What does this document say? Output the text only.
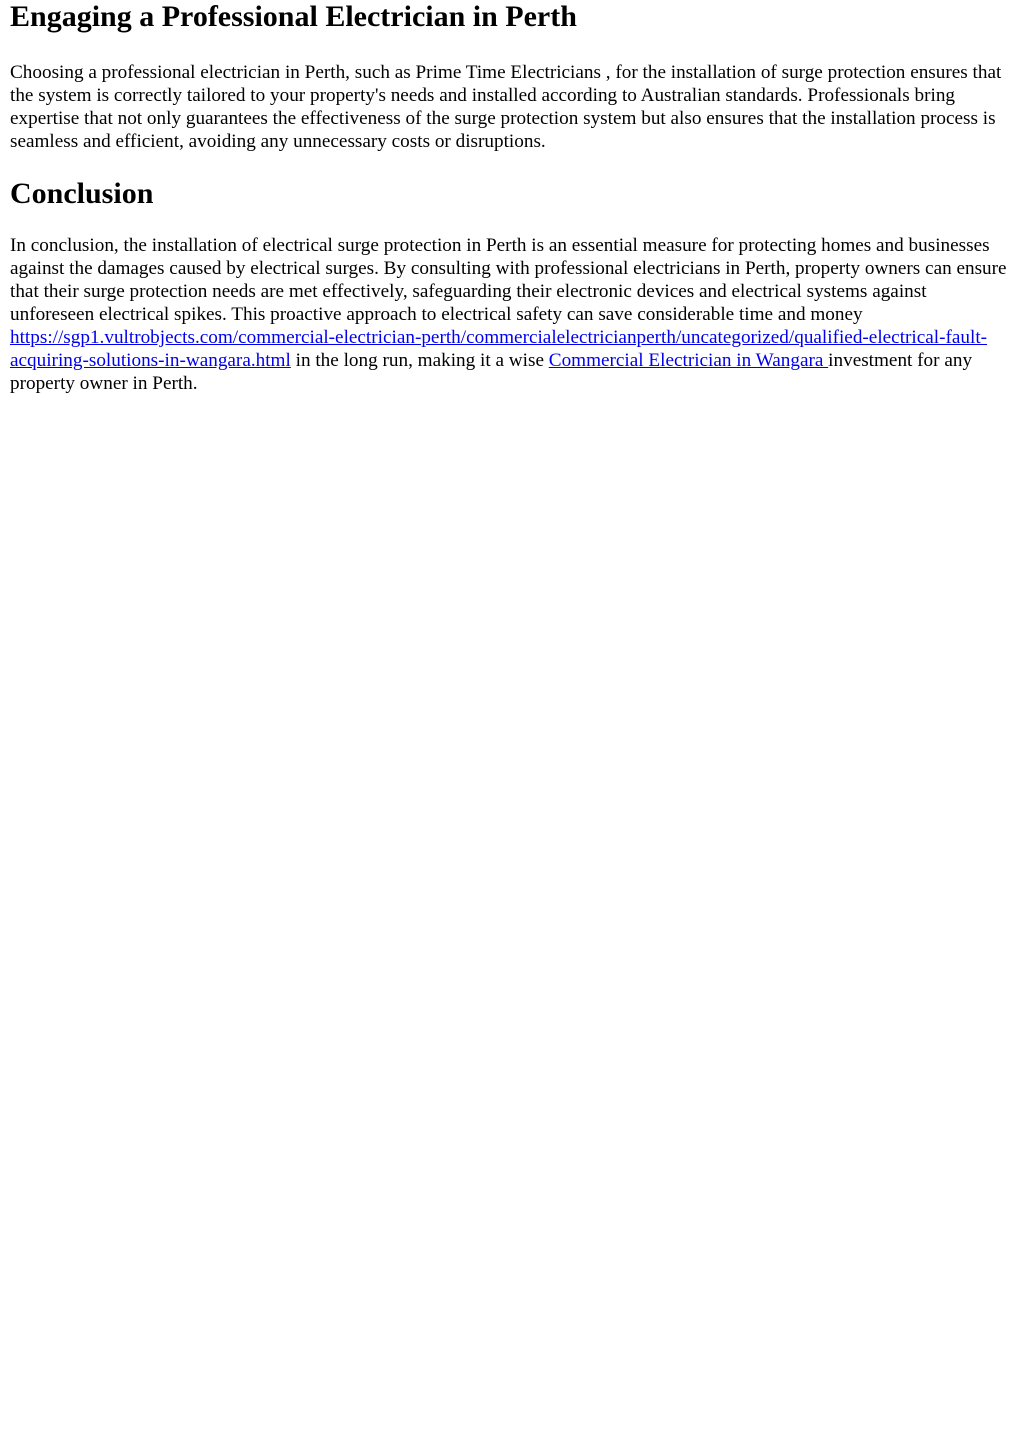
Engaging a Professional Electrician in Perth

Choosing a professional electrician in Perth, such as Prime Time Electricians , for the installation of surge protection ensures that the system is correctly tailored to your property's needs and installed according to Australian standards. Professionals bring expertise that not only guarantees the effectiveness of the surge protection system but also ensures that the installation process is seamless and efficient, avoiding any unnecessary costs or disruptions.

Conclusion

In conclusion, the installation of electrical surge protection in Perth is an essential measure for protecting homes and businesses against the damages caused by electrical surges. By consulting with professional electricians in Perth, property owners can ensure that their surge protection needs are met effectively, safeguarding their electronic devices and electrical systems against unforeseen electrical spikes. This proactive approach to electrical safety can save considerable time and money https://sgp1.vultrobjects.com/commercial-electrician-perth/commercialelectricianperth/uncategorized/qualified-electrical-fault-acquiring-solutions-in-wangara.html in the long run, making it a wise Commercial Electrician in Wangara investment for any property owner in Perth.
